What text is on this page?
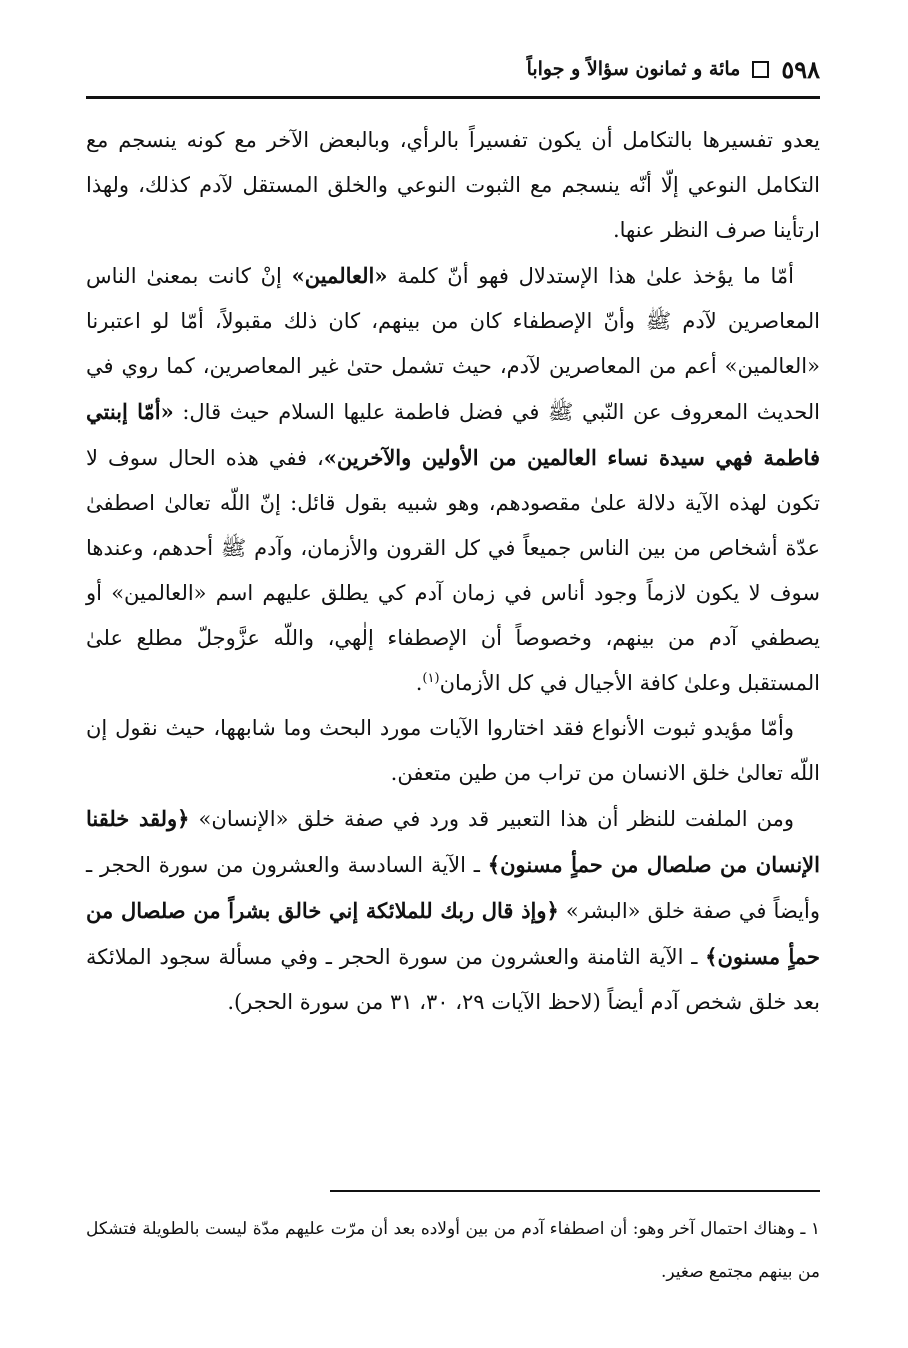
٥٩٨
مائة و ثمانون سؤالاً و جواباً

يعدو تفسيرها بالتكامل أن يكون تفسيراً بالرأي، وبالبعض الآخر مع كونه ينسجم مع التكامل النوعي إلّا أنّه ينسجم مع الثبوت النوعي والخلق المستقل لآدم كذلك، ولهذا ارتأينا صرف النظر عنها.

أمّا ما يؤخذ علىٰ هذا الإستدلال فهو أنّ كلمة «العالمين» إنْ كانت بمعنىٰ الناس المعاصرين لآدم ﷺ وأنّ الإصطفاء كان من بينهم، كان ذلك مقبولاً، أمّا لو اعتبرنا «العالمين» أعم من المعاصرين لآدم، حيث تشمل حتىٰ غير المعاصرين، كما روي في الحديث المعروف عن النّبي ﷺ في فضل فاطمة عليها السلام حيث قال: «أمّا إبنتي فاطمة فهي سيدة نساء العالمين من الأولين والآخرين»، ففي هذه الحال سوف لا تكون لهذه الآية دلالة علىٰ مقصودهم، وهو شبيه بقول قائل: إنّ اللّه تعالىٰ اصطفىٰ عدّة أشخاص من بين الناس جميعاً في كل القرون والأزمان، وآدم ﷺ أحدهم، وعندها سوف لا يكون لازماً وجود أناس في زمان آدم كي يطلق عليهم اسم «العالمين» أو يصطفي آدم من بينهم، وخصوصاً أن الإصطفاء إلٰهي، واللّه عزَّوجلّ مطلع علىٰ المستقبل وعلىٰ كافة الأجيال في كل الأزمان$^{(١)}$.

وأمّا مؤيدو ثبوت الأنواع فقد اختاروا الآيات مورد البحث وما شابهها، حيث نقول إن اللّه تعالىٰ خلق الانسان من تراب من طين متعفن.

ومن الملفت للنظر أن هذا التعبير قد ورد في صفة خلق «الإنسان» ﴿ولقد خلقنا الإنسان من صلصال من حمأٍ مسنون﴾ ـ الآية السادسة والعشرون من سورة الحجر ـ وأيضاً في صفة خلق «البشر» ﴿وإذ قال ربك للملائكة إني خالق بشراً من صلصال من حمأٍ مسنون﴾ ـ الآية الثامنة والعشرون من سورة الحجر ـ وفي مسألة سجود الملائكة بعد خلق شخص آدم أيضاً (لاحظ الآيات ٢٩، ٣٠، ٣١ من سورة الحجر).

١ ـ وهناك احتمال آخر وهو: أن اصطفاء آدم من بين أولاده بعد أن مرّت عليهم مدّة ليست بالطويلة فتشكل من بينهم مجتمع صغير.
